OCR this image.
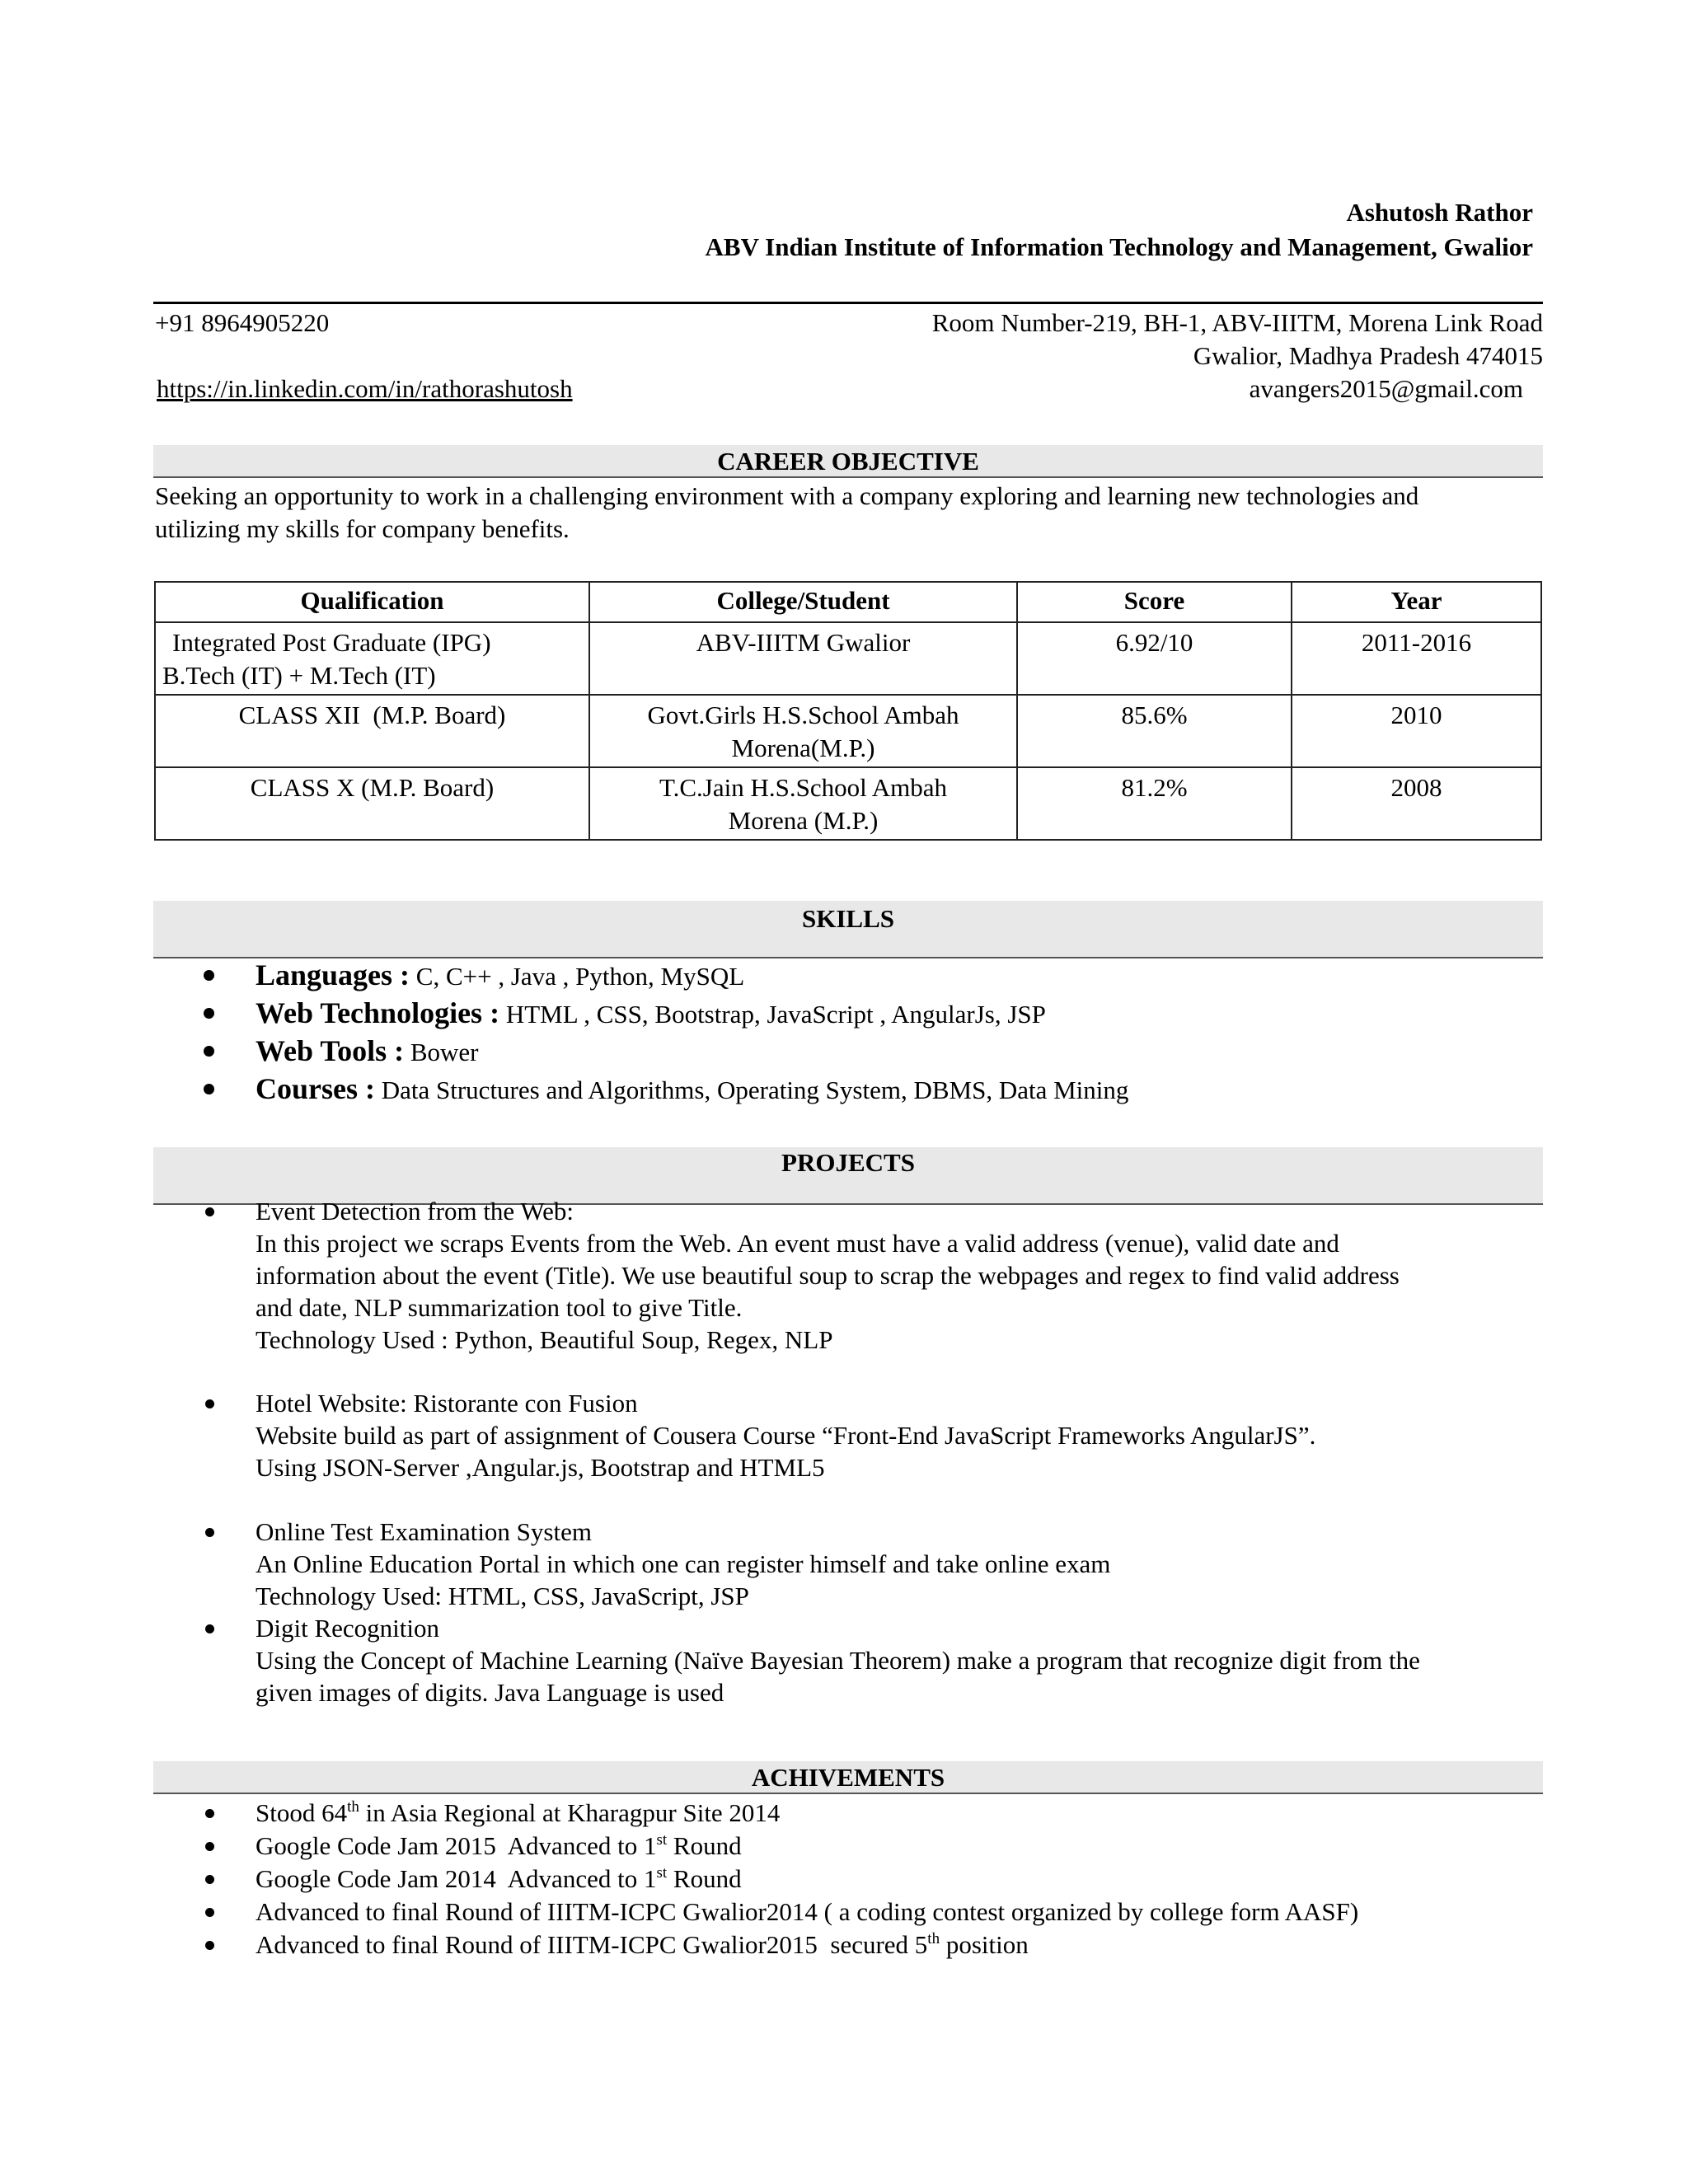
Ashutosh Rathor
ABV Indian Institute of Information Technology and Management, Gwalior
+91 8964905220	Room Number-219, BH-1, ABV-IIITM, Morena Link Road
Gwalior, Madhya Pradesh 474015
https://in.linkedin.com/in/rathorashutosh	avangers2015@gmail.com
CAREER OBJECTIVE
Seeking an opportunity to work in a challenging environment with a company exploring and learning new technologies and
utilizing my skills for company benefits.
Qualification	College/Student	Score	Year

Integrated Post Graduate (IPG)
B.Tech (IT) + M.Tech (IT)	ABV-IIITM Gwalior	6.92/10	2011-2016
CLASS XII  (M.P. Board)	Govt.Girls H.S.School Ambah
Morena(M.P.)	85.6%	2010
CLASS X (M.P. Board)	T.C.Jain H.S.School Ambah
Morena (M.P.)	81.2%	2008
SKILLS
Languages : C, C++ , Java , Python, MySQL
Web Technologies : HTML , CSS, Bootstrap, JavaScript , AngularJs, JSP
Web Tools : Bower
Courses : Data Structures and Algorithms, Operating System, DBMS, Data Mining
PROJECTS
Event Detection from the Web:
In this project we scraps Events from the Web. An event must have a valid address (venue), valid date and
information about the event (Title). We use beautiful soup to scrap the webpages and regex to find valid address
and date, NLP summarization tool to give Title.
Technology Used : Python, Beautiful Soup, Regex, NLP
Hotel Website: Ristorante con Fusion
Website build as part of assignment of Cousera Course “Front-End JavaScript Frameworks AngularJS”.
Using JSON-Server ,Angular.js, Bootstrap and HTML5
Online Test Examination System
An Online Education Portal in which one can register himself and take online exam
Technology Used: HTML, CSS, JavaScript, JSP
Digit Recognition
Using the Concept of Machine Learning (Naïve Bayesian Theorem) make a program that recognize digit from the
given images of digits. Java Language is used
ACHIVEMENTS
Stood 64th in Asia Regional at Kharagpur Site 2014
Google Code Jam 2015  Advanced to 1st Round
Google Code Jam 2014  Advanced to 1st Round
Advanced to final Round of IIITM-ICPC Gwalior2014 ( a coding contest organized by college form AASF)
Advanced to final Round of IIITM-ICPC Gwalior2015  secured 5th position
